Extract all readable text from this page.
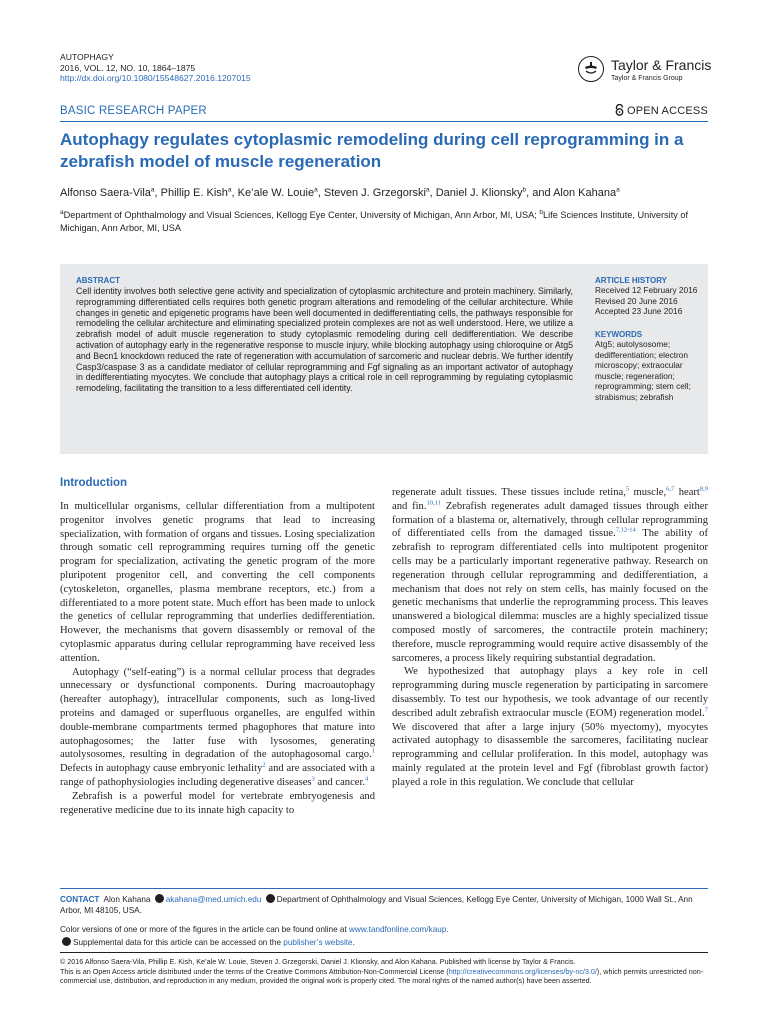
AUTOPHAGY
2016, VOL. 12, NO. 10, 1864–1875
http://dx.doi.org/10.1080/15548627.2016.1207015
Taylor & Francis
Taylor & Francis Group
BASIC RESEARCH PAPER	OPEN ACCESS
Autophagy regulates cytoplasmic remodeling during cell reprogramming in a
zebrafish model of muscle regeneration
Alfonso Saera-Vila$^a$, Phillip E. Kish$^a$, Ke’ale W. Louie$^a$, Steven J. Grzegorski$^a$, Daniel J. Klionsky$^b$, and Alon Kahana$^a$
$^a$Department of Ophthalmology and Visual Sciences, Kellogg Eye Center, University of Michigan, Ann Arbor, MI, USA; $^b$Life Sciences Institute, University of Michigan, Ann Arbor, MI, USA
ABSTRACT
Cell identity involves both selective gene activity and specialization of cytoplasmic architecture and protein machinery. Similarly, reprogramming differentiated cells requires both genetic program alterations and remodeling of the cellular architecture. While changes in genetic and epigenetic programs have been well documented in dedifferentiating cells, the pathways responsible for remodeling the cellular architecture and eliminating specialized protein complexes are not as well understood. Here, we utilize a zebrafish model of adult muscle regeneration to study cytoplasmic remodeling during cell dedifferentiation. We describe activation of autophagy early in the regenerative response to muscle injury, while blocking autophagy using chloroquine or Atg5 and Becn1 knockdown reduced the rate of regeneration with accumulation of sarcomeric and nuclear debris. We further identify Casp3/caspase 3 as a candidate mediator of cellular reprogramming and Fgf signaling as an important activator of autophagy in dedifferentiating myocytes. We conclude that autophagy plays a critical role in cell reprogramming by regulating cytoplasmic remodeling, facilitating the transition to a less differentiated cell identity.
ARTICLE HISTORY
Received 12 February 2016
Revised 20 June 2016
Accepted 23 June 2016
KEYWORDS
Atg5; autolysosome; dedifferentiation; electron microscopy; extraocular muscle; regeneration; reprogramming; stem cell; strabismus; zebrafish
Introduction

In multicellular organisms, cellular differentiation from a multipotent progenitor involves genetic programs that lead to increasing specialization, with formation of organs and tissues. Losing specialization through somatic cell reprogramming requires turning off the genetic program for specialization, activating the genetic program of the more pluripotent progenitor cell, and converting the cell components (cytoskeleton, organelles, plasma membrane receptors, etc.) from a differentiated to a more potent state. Much effort has been made to unlock the genetics of cellular reprogramming that underlies dedifferentiation. However, the mechanisms that govern disassembly or removal of the cytoplasmic apparatus during cellular reprogramming have received less attention.

Autophagy (“self-eating”) is a normal cellular process that degrades unnecessary or dysfunctional components. During macroautophagy (hereafter autophagy), intracellular components, such as long-lived proteins and damaged or superfluous organelles, are engulfed within double-membrane compartments termed phagophores that mature into autophagosomes; the latter fuse with lysosomes, generating autolysosomes, resulting in degradation of the autophagosomal cargo.$^1$ Defects in autophagy cause embryonic lethality$^2$ and are associated with a range of pathophysiologies including degenerative diseases$^3$ and cancer.$^4$

Zebrafish is a powerful model for vertebrate embryogenesis and regenerative medicine due to its innate high capacity to

regenerate adult tissues. These tissues include retina,$^5$ muscle,$^{6,7}$ heart$^{8,9}$ and fin.$^{10,11}$ Zebrafish regenerates adult damaged tissues through either formation of a blastema or, alternatively, through cellular reprogramming of differentiated cells from the damaged tissue.$^{7,12-14}$ The ability of zebrafish to reprogram differentiated cells into multipotent progenitor cells may be a particularly important regenerative pathway. Research on regeneration through cellular reprogramming and dedifferentiation, a mechanism that does not rely on stem cells, has mainly focused on the genetic mechanisms that underlie the reprogramming process. This leaves unanswered a biological dilemma: muscles are a highly specialized tissue composed mostly of sarcomeres, the contractile protein machinery; therefore, muscle reprogramming would require active disassembly of the sarcomeres, a process likely requiring substantial degradation.

We hypothesized that autophagy plays a key role in cell reprogramming during muscle regeneration by participating in sarcomere disassembly. To test our hypothesis, we took advantage of our recently described adult zebrafish extraocular muscle (EOM) regeneration model.$^7$ We discovered that after a large injury (50% myectomy), myocytes activated autophagy to disassemble the sarcomeres, facilitating nuclear reprogramming and cellular proliferation. In this model, autophagy was mainly regulated at the protein level and Fgf (fibroblast growth factor) played a role in this regulation. We conclude that cellular

CONTACT Alon Kahana akahana@med.umich.edu Department of Ophthalmology and Visual Sciences, Kellogg Eye Center, University of Michigan, 1000 Wall St., Ann Arbor, MI 48105, USA.
Color versions of one or more of the figures in the article can be found online at www.tandfonline.com/kaup.
Supplemental data for this article can be accessed on the publisher’s website.
© 2016 Alfonso Saera-Vila, Phillip E. Kish, Ke’ale W. Louie, Steven J. Grzegorski, Daniel J. Klionsky, and Alon Kahana. Published with license by Taylor & Francis.
This is an Open Access article distributed under the terms of the Creative Commons Attribution-Non-Commercial License (http://creativecommons.org/licenses/by-nc/3.0/), which permits unrestricted non-commercial use, distribution, and reproduction in any medium, provided the original work is properly cited. The moral rights of the named author(s) have been asserted.
